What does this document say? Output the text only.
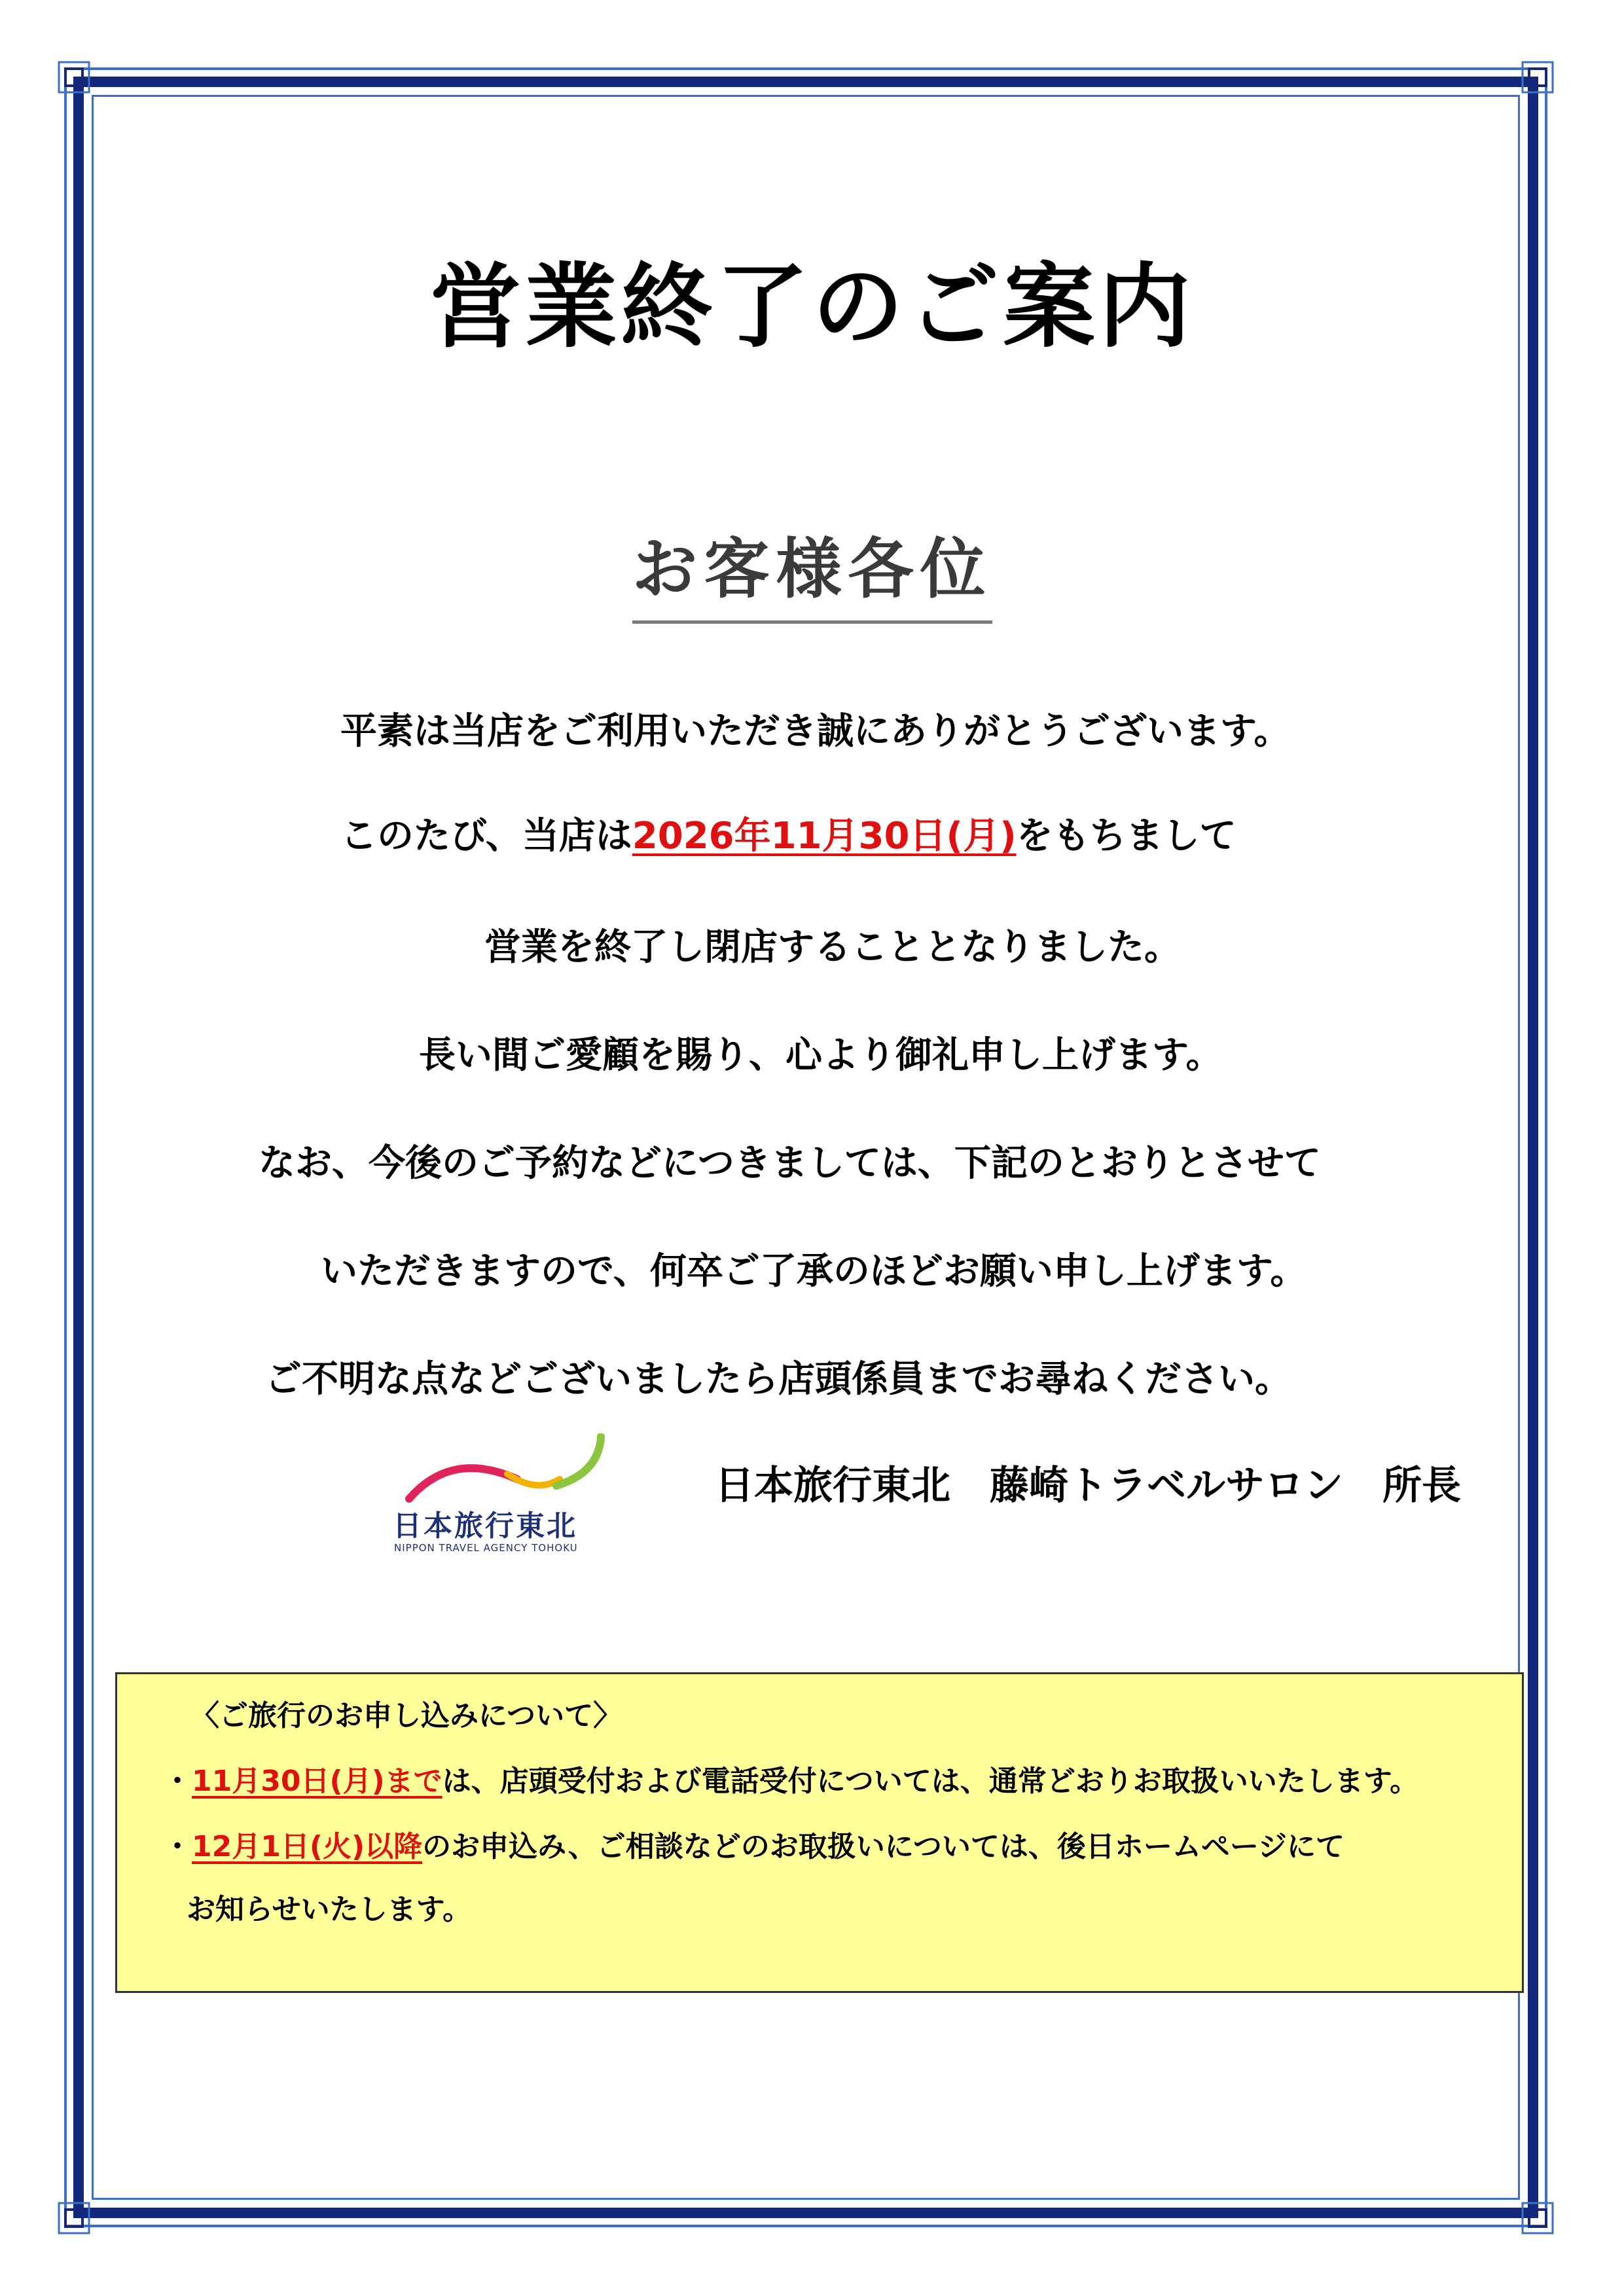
営業終了のご案内
お客様各位
平素は当店をご利用いただき誠にありがとうございます。
このたび、当店は2026年11月30日(月)をもちまして
営業を終了し閉店することとなりました。
長い間ご愛顧を賜り、心より御礼申し上げます。
なお、今後のご予約などにつきましては、下記のとおりとさせて
いただきますので、何卒ご了承のほどお願い申し上げます。
ご不明な点などございましたら店頭係員までお尋ねください。
日本旅行東北
NIPPON TRAVEL AGENCY TOHOKU
日本旅行東北　藤崎トラベルサロン　所長
〈ご旅行のお申し込みについて〉
・11月30日(月)までは、店頭受付および電話受付については、通常どおりお取扱いいたします。
・12月1日(火)以降のお申込み、ご相談などのお取扱いについては、後日ホームページにて
お知らせいたします。
